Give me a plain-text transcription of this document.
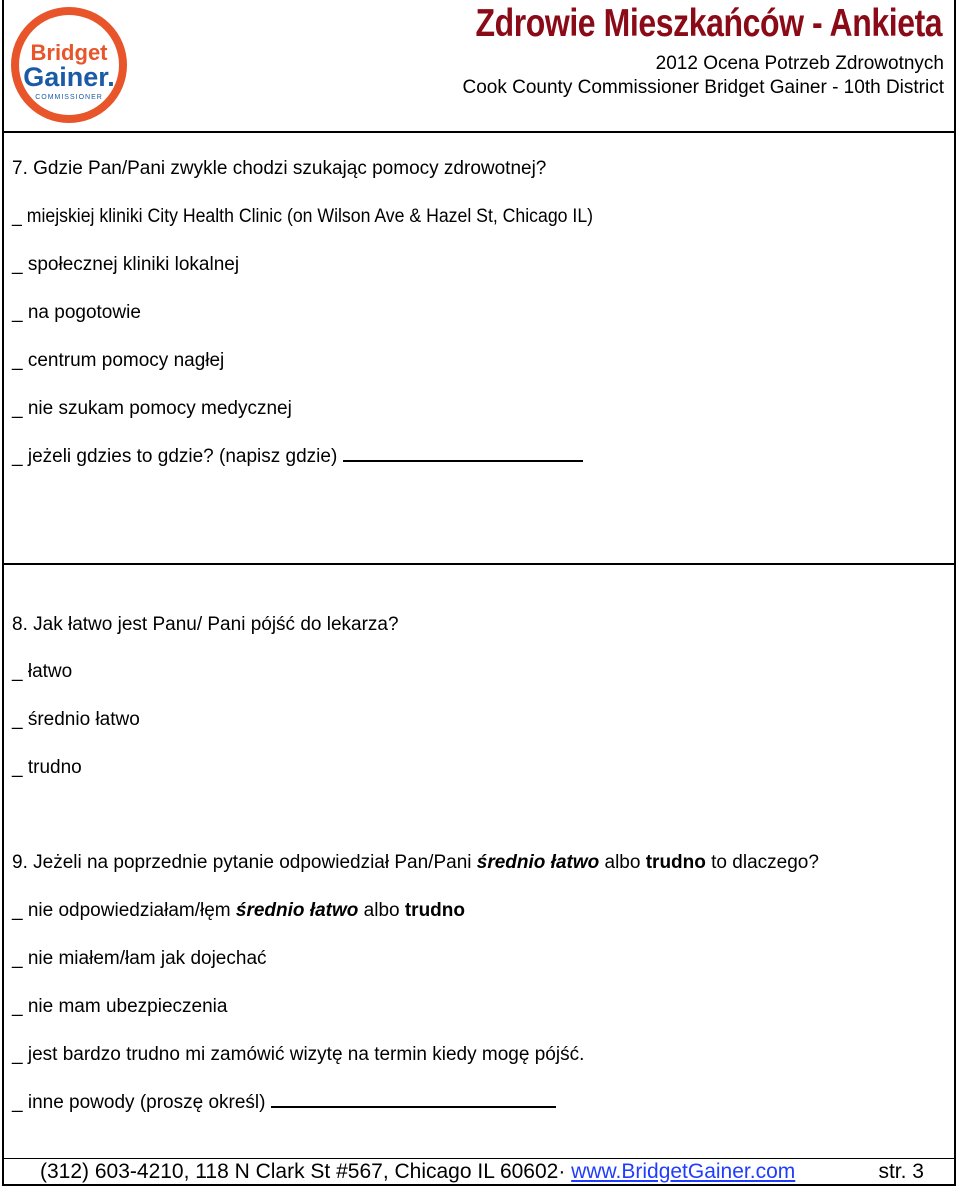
Bridget
Gainer.
COMMISSIONER
Zdrowie Mieszkańców - Ankieta
2012 Ocena Potrzeb Zdrowotnych
Cook County Commissioner Bridget Gainer - 10th District
7. Gdzie Pan/Pani zwykle chodzi szukając pomocy zdrowotnej?
_ miejskiej kliniki City Health Clinic (on Wilson Ave & Hazel St, Chicago IL)
_ społecznej kliniki lokalnej
_ na pogotowie
_ centrum pomocy nagłej
_ nie szukam pomocy medycznej
_ jeżeli gdzies to gdzie? (napisz gdzie)
8. Jak łatwo jest Panu/ Pani pójść do lekarza?
_ łatwo
_ średnio łatwo
_ trudno
9. Jeżeli na poprzednie pytanie odpowiedział Pan/Pani średnio łatwo albo trudno to dlaczego?
_ nie odpowiedziałam/łęm średnio łatwo albo trudno
_ nie miałem/łam jak dojechać
_ nie mam ubezpieczenia
_ jest bardzo trudno mi zamówić wizytę na termin kiedy mogę pójść.
_ inne powody (proszę określ)
(312) 603-4210, 118 N Clark St #567, Chicago IL 60602· www.BridgetGainer.com	str. 3
